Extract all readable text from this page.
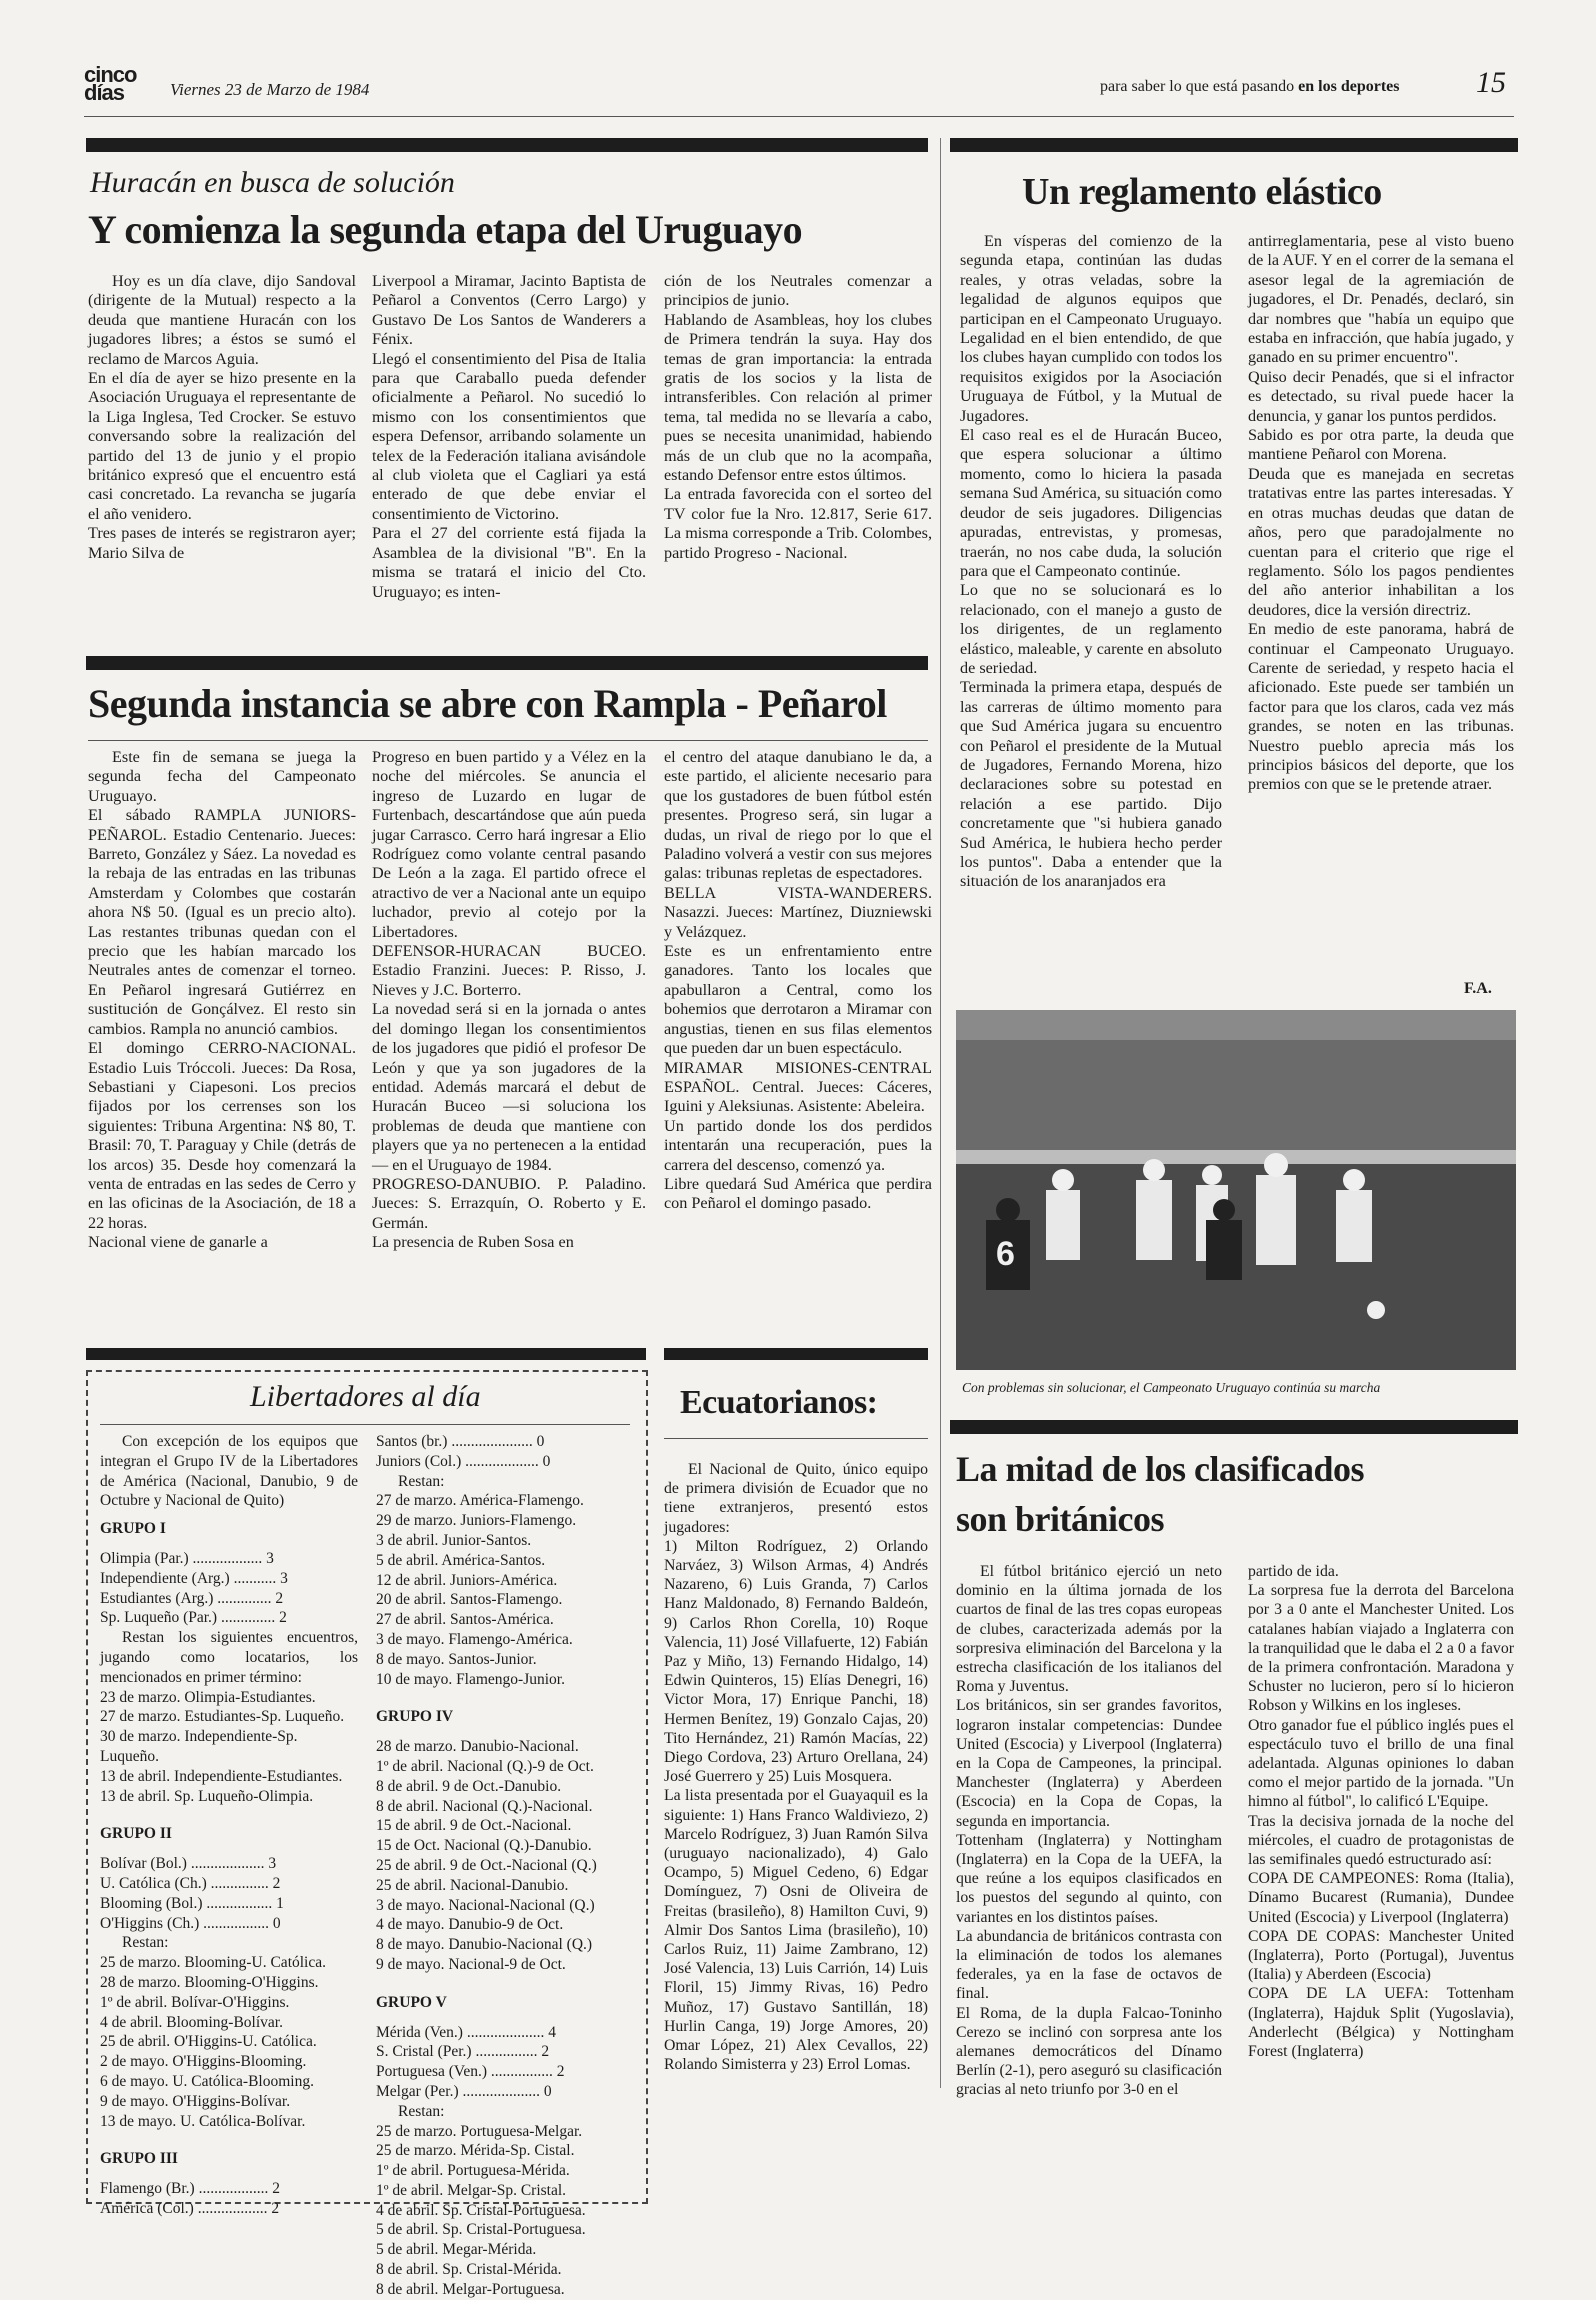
cinco días	Viernes 23 de Marzo de 1984	para saber lo que está pasando en los deportes	15
Huracán en busca de solución
Y comienza la segunda etapa del Uruguayo

Hoy es un día clave, dijo Sandoval (dirigente de la Mutual) respecto a la deuda que mantiene Huracán con los jugadores libres; a éstos se sumó el reclamo de Marcos Aguia.
En el día de ayer se hizo presente en la Asociación Uruguaya el representante de la Liga Inglesa, Ted Crocker. Se estuvo conversando sobre la realización del partido del 13 de junio y el propio británico expresó que el encuentro está casi concretado. La revancha se jugaría el año venidero.
Tres pases de interés se registraron ayer; Mario Silva de

Liverpool a Miramar, Jacinto Baptista de Peñarol a Conventos (Cerro Largo) y Gustavo De Los Santos de Wanderers a Fénix.
Llegó el consentimiento del Pisa de Italia para que Caraballo pueda defender oficialmente a Peñarol. No sucedió lo mismo con los consentimientos que espera Defensor, arribando solamente un telex de la Federación italiana avisándole al club violeta que el Cagliari ya está enterado de que debe enviar el consentimiento de Victorino.
Para el 27 del corriente está fijada la Asamblea de la divisional "B". En la misma se tratará el inicio del Cto. Uruguayo; es inten-

ción de los Neutrales comenzar a principios de junio.
Hablando de Asambleas, hoy los clubes de Primera tendrán la suya. Hay dos temas de gran importancia: la entrada gratis de los socios y la lista de intransferibles. Con relación al primer tema, tal medida no se llevaría a cabo, pues se necesita unanimidad, habiendo más de un club que no la acompaña, estando Defensor entre estos últimos.
La entrada favorecida con el sorteo del TV color fue la Nro. 12.817, Serie 617. La misma corresponde a Trib. Colombes, partido Progreso - Nacional.

Un reglamento elástico

En vísperas del comienzo de la segunda etapa, continúan las dudas reales, y otras veladas, sobre la legalidad de algunos equipos que participan en el Campeonato Uruguayo. Legalidad en el bien entendido, de que los clubes hayan cumplido con todos los requisitos exigidos por la Asociación Uruguaya de Fútbol, y la Mutual de Jugadores.
El caso real es el de Huracán Buceo, que espera solucionar a último momento, como lo hiciera la pasada semana Sud América, su situación como deudor de seis jugadores. Diligencias apuradas, entrevistas, y promesas, traerán, no nos cabe duda, la solución para que el Campeonato continúe.
Lo que no se solucionará es lo relacionado, con el manejo a gusto de los dirigentes, de un reglamento elástico, maleable, y carente en absoluto de seriedad.
Terminada la primera etapa, después de las carreras de último momento para que Sud América jugara su encuentro con Peñarol el presidente de la Mutual de Jugadores, Fernando Morena, hizo declaraciones sobre su potestad en relación a ese partido. Dijo concretamente que "si hubiera ganado Sud América, le hubiera hecho perder los puntos". Daba a entender que la situación de los anaranjados era

antirreglamentaria, pese al visto bueno de la AUF. Y en el correr de la semana el asesor legal de la agremiación de jugadores, el Dr. Penadés, declaró, sin dar nombres que "había un equipo que estaba en infracción, que había jugado, y ganado en su primer encuentro".
Quiso decir Penadés, que si el infractor es detectado, su rival puede hacer la denuncia, y ganar los puntos perdidos.
Sabido es por otra parte, la deuda que mantiene Peñarol con Morena.
Deuda que es manejada en secretas tratativas entre las partes interesadas. Y en otras muchas deudas que datan de años, pero que paradojalmente no cuentan para el criterio que rige el reglamento. Sólo los pagos pendientes del año anterior inhabilitan a los deudores, dice la versión directriz.
En medio de este panorama, habrá de continuar el Campeonato Uruguayo. Carente de seriedad, y respeto hacia el aficionado. Este puede ser también un factor para que los claros, cada vez más grandes, se noten en las tribunas. Nuestro pueblo aprecia más los principios básicos del deporte, que los premios con que se le pretende atraer.

F.A.
Segunda instancia se abre con Rampla - Peñarol

Este fin de semana se juega la segunda fecha del Campeonato Uruguayo.
El sábado RAMPLA JUNIORS-PEÑAROL. Estadio Centenario. Jueces: Barreto, González y Sáez. La novedad es la rebaja de las entradas en las tribunas Amsterdam y Colombes que costarán ahora N$ 50. (Igual es un precio alto). Las restantes tribunas quedan con el precio que les habían marcado los Neutrales antes de comenzar el torneo. En Peñarol ingresará Gutiérrez en sustitución de Gonçálvez. El resto sin cambios. Rampla no anunció cambios.
El domingo CERRO-NACIONAL. Estadio Luis Tróccoli. Jueces: Da Rosa, Sebastiani y Ciapesoni. Los precios fijados por los cerrenses son los siguientes: Tribuna Argentina: N$ 80, T. Brasil: 70, T. Paraguay y Chile (detrás de los arcos) 35. Desde hoy comenzará la venta de entradas en las sedes de Cerro y en las oficinas de la Asociación, de 18 a 22 horas.
Nacional viene de ganarle a

Progreso en buen partido y a Vélez en la noche del miércoles. Se anuncia el ingreso de Luzardo en lugar de Furtenbach, descartándose que aún pueda jugar Carrasco. Cerro hará ingresar a Elio Rodríguez como volante central pasando De León a la zaga. El partido ofrece el atractivo de ver a Nacional ante un equipo luchador, previo al cotejo por la Libertadores.
DEFENSOR-HURACAN BUCEO. Estadio Franzini. Jueces: P. Risso, J. Nieves y J.C. Borterro.
La novedad será si en la jornada o antes del domingo llegan los consentimientos de los jugadores que pidió el profesor De León y que ya son jugadores de la entidad. Además marcará el debut de Huracán Buceo —si soluciona los problemas de deuda que mantiene con players que ya no pertenecen a la entidad— en el Uruguayo de 1984.
PROGRESO-DANUBIO. P. Paladino. Jueces: S. Errazquín, O. Roberto y E. Germán.
La presencia de Ruben Sosa en

el centro del ataque danubiano le da, a este partido, el aliciente necesario para que los gustadores de buen fútbol estén presentes. Progreso será, sin lugar a dudas, un rival de riego por lo que el Paladino volverá a vestir con sus mejores galas: tribunas repletas de espectadores.
BELLA VISTA-WANDERERS. Nasazzi. Jueces: Martínez, Diuzniewski y Velázquez.
Este es un enfrentamiento entre ganadores. Tanto los locales que apabullaron a Central, como los bohemios que derrotaron a Miramar con angustias, tienen en sus filas elementos que pueden dar un buen espectáculo.
MIRAMAR MISIONES-CENTRAL ESPAÑOL. Central. Jueces: Cáceres, Iguini y Aleksiunas. Asistente: Abeleira.
Un partido donde los dos perdidos intentarán una recuperación, pues la carrera del descenso, comenzó ya.
Libre quedará Sud América que perdira con Peñarol el domingo pasado.

6
Con problemas sin solucionar, el Campeonato Uruguayo continúa su marcha
Libertadores al día
Con excepción de los equipos que integran el Grupo IV de la Libertadores de América (Nacional, Danubio, 9 de Octubre y Nacional de Quito)
GRUPO I
Olimpia (Par.) .................. 3
Independiente (Arg.) ........... 3
Estudiantes (Arg.) .............. 2
Sp. Luqueño (Par.) .............. 2
Restan los siguientes encuentros, jugando como locatarios, los mencionados en primer término:
23 de marzo. Olimpia-Estudiantes.
27 de marzo. Estudiantes-Sp. Luqueño.
30 de marzo. Independiente-Sp. Luqueño.
13 de abril. Independiente-Estudiantes.
13 de abril. Sp. Luqueño-Olimpia.
GRUPO II
Bolívar (Bol.) ................... 3
U. Católica (Ch.) ............... 2
Blooming (Bol.) ................. 1
O'Higgins (Ch.) ................. 0
Restan:
25 de marzo. Blooming-U. Católica.
28 de marzo. Blooming-O'Higgins.
1º de abril. Bolívar-O'Higgins.
4 de abril. Blooming-Bolívar.
25 de abril. O'Higgins-U. Católica.
2 de mayo. O'Higgins-Blooming.
6 de mayo. U. Católica-Blooming.
9 de mayo. O'Higgins-Bolívar.
13 de mayo. U. Católica-Bolívar.
GRUPO III
Flamengo (Br.) .................. 2
América (Col.) .................. 2
Santos (br.) ..................... 0
Juniors (Col.) ................... 0
Restan:
27 de marzo. América-Flamengo.
29 de marzo. Juniors-Flamengo.
3 de abril. Junior-Santos.
5 de abril. América-Santos.
12 de abril. Juniors-América.
20 de abril. Santos-Flamengo.
27 de abril. Santos-América.
3 de mayo. Flamengo-América.
8 de mayo. Santos-Junior.
10 de mayo. Flamengo-Junior.
GRUPO IV
28 de marzo. Danubio-Nacional.
1º de abril. Nacional (Q.)-9 de Oct.
8 de abril. 9 de Oct.-Danubio.
8 de abril. Nacional (Q.)-Nacional.
15 de abril. 9 de Oct.-Nacional.
15 de Oct. Nacional (Q.)-Danubio.
25 de abril. 9 de Oct.-Nacional (Q.)
25 de abril. Nacional-Danubio.
3 de mayo. Nacional-Nacional (Q.)
4 de mayo. Danubio-9 de Oct.
8 de mayo. Danubio-Nacional (Q.)
9 de mayo. Nacional-9 de Oct.
GRUPO V
Mérida (Ven.) .................... 4
S. Cristal (Per.) ................ 2
Portuguesa (Ven.) ................ 2
Melgar (Per.) .................... 0
Restan:
25 de marzo. Portuguesa-Melgar.
25 de marzo. Mérida-Sp. Cistal.
1º de abril. Portuguesa-Mérida.
1º de abril. Melgar-Sp. Cristal.
4 de abril. Sp. Cristal-Portuguesa.
5 de abril. Sp. Cristal-Portuguesa.
5 de abril. Megar-Mérida.
8 de abril. Sp. Cristal-Mérida.
8 de abril. Melgar-Portuguesa.
Ecuatorianos:

El Nacional de Quito, único equipo de primera división de Ecuador que no tiene extranjeros, presentó estos jugadores:
1) Milton Rodríguez, 2) Orlando Narváez, 3) Wilson Armas, 4) Andrés Nazareno, 6) Luis Granda, 7) Carlos Hanz Maldonado, 8) Fernando Baldeón, 9) Carlos Rhon Corella, 10) Roque Valencia, 11) José Villafuerte, 12) Fabián Paz y Miño, 13) Fernando Hidalgo, 14) Edwin Quinteros, 15) Elías Denegri, 16) Victor Mora, 17) Enrique Panchi, 18) Hermen Benítez, 19) Gonzalo Cajas, 20) Tito Hernández, 21) Ramón Macías, 22) Diego Cordova, 23) Arturo Orellana, 24) José Guerrero y 25) Luis Mosquera.
La lista presentada por el Guayaquil es la siguiente: 1) Hans Franco Waldiviezo, 2) Marcelo Rodríguez, 3) Juan Ramón Silva (uruguayo nacionalizado), 4) Galo Ocampo, 5) Miguel Cedeno, 6) Edgar Domínguez, 7) Osni de Oliveira de Freitas (brasileño), 8) Hamilton Cuvi, 9) Almir Dos Santos Lima (brasileño), 10) Carlos Ruiz, 11) Jaime Zambrano, 12) José Valencia, 13) Luis Carrión, 14) Luis Floril, 15) Jimmy Rivas, 16) Pedro Muñoz, 17) Gustavo Santillán, 18) Hurlin Canga, 19) Jorge Amores, 20) Omar López, 21) Alex Cevallos, 22) Rolando Simisterra y 23) Errol Lomas.

La mitad de los clasificados
son británicos

El fútbol británico ejerció un neto dominio en la última jornada de los cuartos de final de las tres copas europeas de clubes, caracterizada además por la sorpresiva eliminación del Barcelona y la estrecha clasificación de los italianos del Roma y Juventus.
Los británicos, sin ser grandes favoritos, lograron instalar competencias: Dundee United (Escocia) y Liverpool (Inglaterra) en la Copa de Campeones, la principal. Manchester (Inglaterra) y Aberdeen (Escocia) en la Copa de Copas, la segunda en importancia.
Tottenham (Inglaterra) y Nottingham (Inglaterra) en la Copa de la UEFA, la que reúne a los equipos clasificados en los puestos del segundo al quinto, con variantes en los distintos países.
La abundancia de británicos contrasta con la eliminación de todos los alemanes federales, ya en la fase de octavos de final.
El Roma, de la dupla Falcao-Toninho Cerezo se inclinó con sorpresa ante los alemanes democráticos del Dínamo Berlín (2-1), pero aseguró su clasificación gracias al neto triunfo por 3-0 en el

partido de ida.
La sorpresa fue la derrota del Barcelona por 3 a 0 ante el Manchester United. Los catalanes habían viajado a Inglaterra con la tranquilidad que le daba el 2 a 0 a favor de la primera confrontación. Maradona y Schuster no lucieron, pero sí lo hicieron Robson y Wilkins en los ingleses.
Otro ganador fue el público inglés pues el espectáculo tuvo el brillo de una final adelantada. Algunas opiniones lo daban como el mejor partido de la jornada. "Un himno al fútbol", lo calificó L'Equipe.
Tras la decisiva jornada de la noche del miércoles, el cuadro de protagonistas de las semifinales quedó estructurado así:
COPA DE CAMPEONES: Roma (Italia), Dínamo Bucarest (Rumania), Dundee United (Escocia) y Liverpool (Inglaterra)
COPA DE COPAS: Manchester United (Inglaterra), Porto (Portugal), Juventus (Italia) y Aberdeen (Escocia)
COPA DE LA UEFA: Tottenham (Inglaterra), Hajduk Split (Yugoslavia), Anderlecht (Bélgica) y Nottingham Forest (Inglaterra)
